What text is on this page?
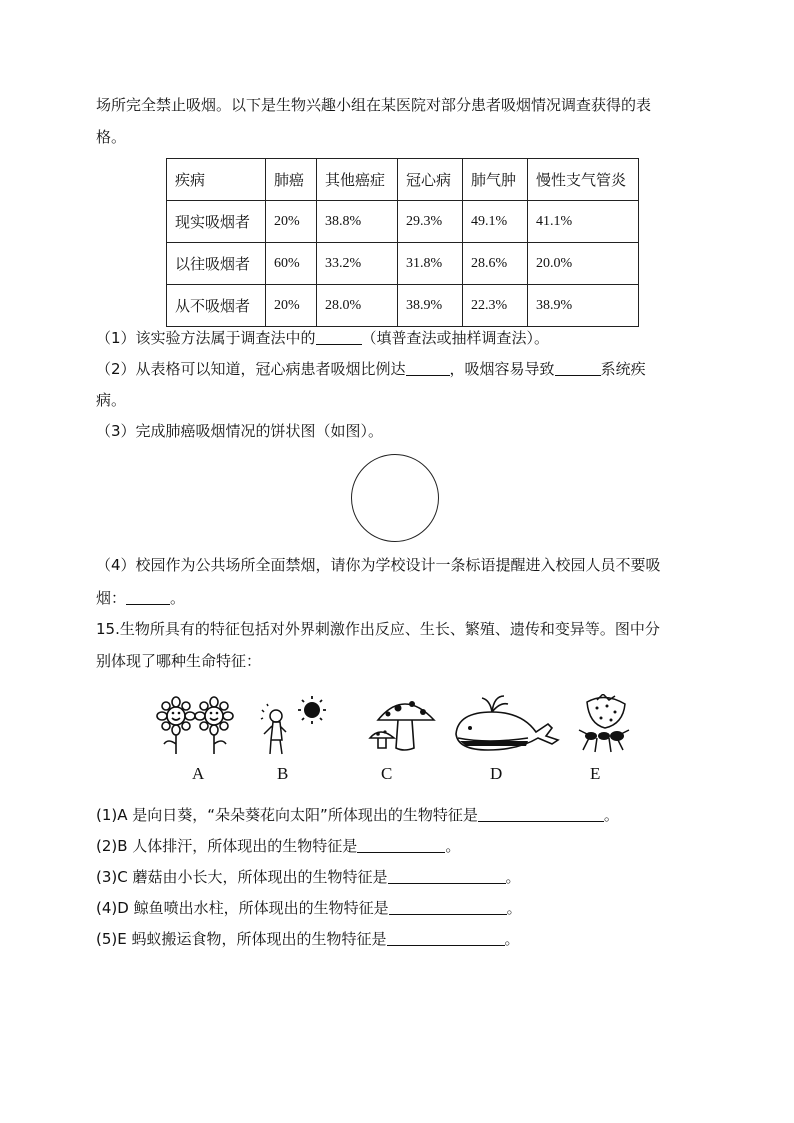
场所完全禁止吸烟。以下是生物兴趣小组在某医院对部分患者吸烟情况调查获得的表
格。
疾病	肺癌	其他癌症	冠心病	肺气肿	慢性支气管炎
现实吸烟者	20%	38.8%	29.3%	49.1%	41.1%
以往吸烟者	60%	33.2%	31.8%	28.6%	20.0%
从不吸烟者	20%	28.0%	38.9%	22.3%	38.9%
（1）该实验方法属于调查法中的	（填普查法或抽样调查法）。
（2）从表格可以知道，冠心病患者吸烟比例达	，吸烟容易导致	系统疾
病。
（3）完成肺癌吸烟情况的饼状图（如图）。
（4）校园作为公共场所全面禁烟，请你为学校设计一条标语提醒进入校园人员不要吸
烟：	。
15.生物所具有的特征包括对外界刺激作出反应、生长、繁殖、遗传和变异等。图中分
别体现了哪种生命特征：
A	B	C	D	E
(1)A 是向日葵，“朵朵葵花向太阳”所体现出的生物特征是	。
(2)B 人体排汗，所体现出的生物特征是	。
(3)C 蘑菇由小长大，所体现出的生物特征是	。
(4)D 鲸鱼喷出水柱，所体现出的生物特征是	。
(5)E 蚂蚁搬运食物，所体现出的生物特征是	。
